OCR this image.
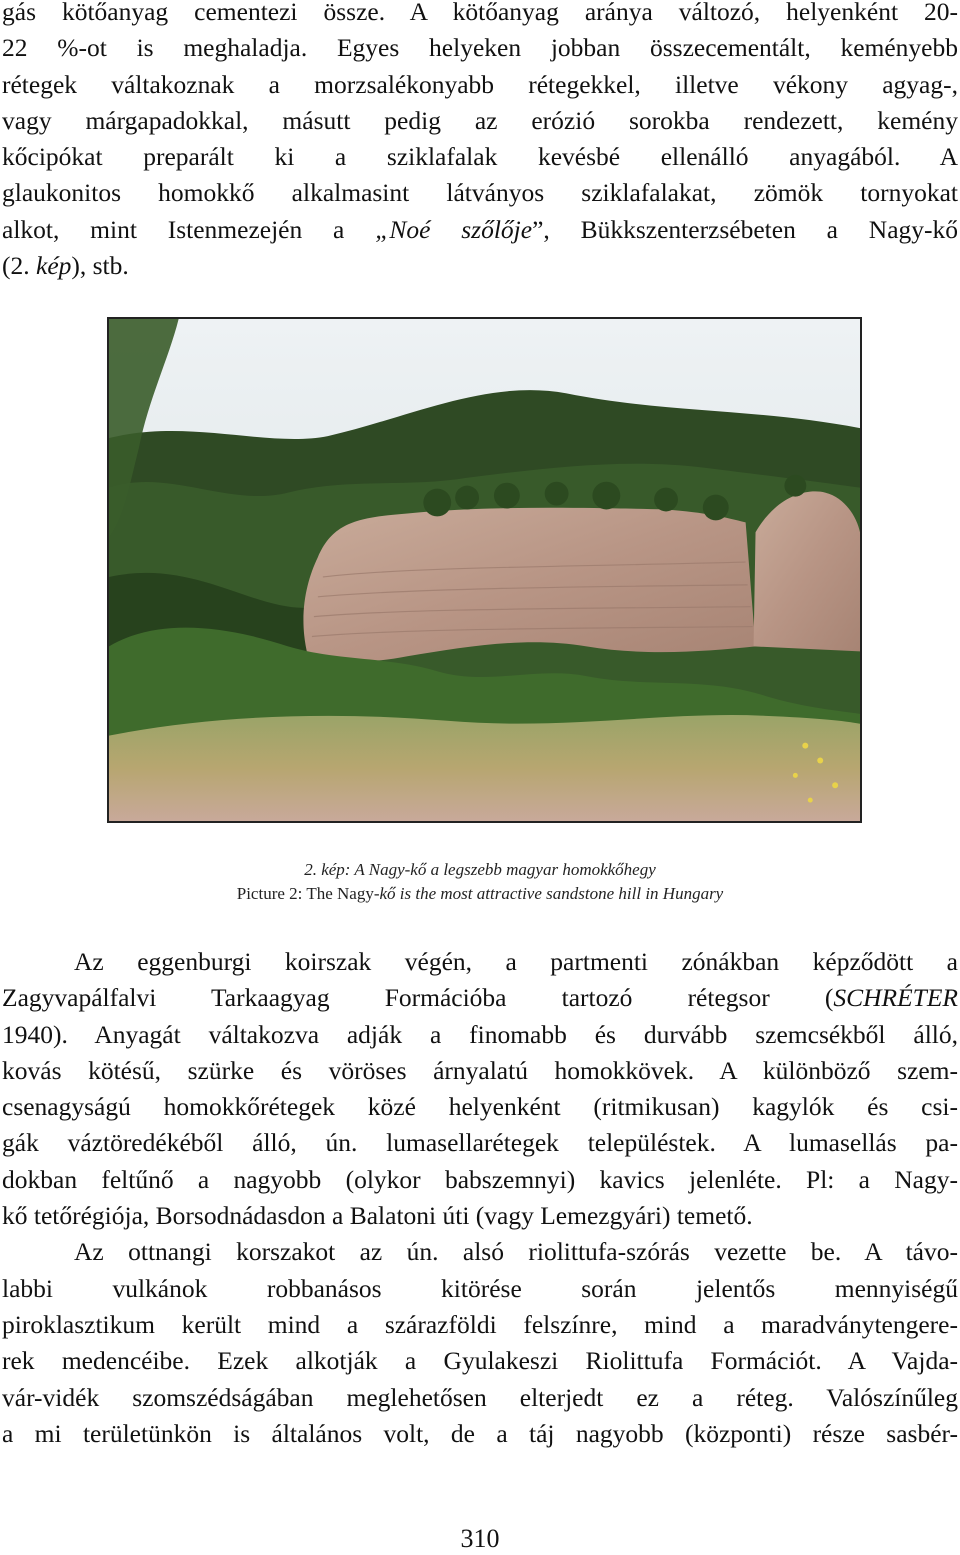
gás kötőanyag cementezi össze. A kötőanyag aránya változó, helyenként 20-
22 %-ot is meghaladja. Egyes helyeken jobban összecementált, keményebb
rétegek váltakoznak a morzsalékonyabb rétegekkel, illetve vékony agyag-,
vagy márgapadokkal, másutt pedig az erózió sorokba rendezett, kemény
kőcipókat preparált ki a sziklafalak kevésbé ellenálló anyagából. A
glaukonitos homokkő alkalmasint látványos sziklafalakat, zömök tornyokat
alkot, mint Istenmezején a „Noé szőlője”, Bükkszenterzsébeten a Nagy-kő
(2. kép), stb.
2. kép: A Nagy-kő a legszebb magyar homokkőhegy
Picture 2: The Nagy-kő is the most attractive sandstone hill in Hungary
Az eggenburgi koirszak végén, a partmenti zónákban képződött a
Zagyvapálfalvi Tarkaagyag Formációba tartozó rétegsor (SCHRÉTER
1940). Anyagát váltakozva adják a finomabb és durvább szemcsékből álló,
kovás kötésű, szürke és vöröses árnyalatú homokkövek. A különböző szem-
csenagyságú homokkőrétegek közé helyenként (ritmikusan) kagylók és csi-
gák váztöredékéből álló, ún. lumasellarétegek településtek. A lumasellás pa-
dokban feltűnő a nagyobb (olykor babszemnyi) kavics jelenléte. Pl: a Nagy-
kő tetőrégiója, Borsodnádasdon a Balatoni úti (vagy Lemezgyári) temető.
Az ottnangi korszakot az ún. alsó riolittufa-szórás vezette be. A távo-
labbi vulkánok robbanásos kitörése során jelentős mennyiségű
piroklasztikum került mind a szárazföldi felszínre, mind a maradványtengere-
rek medencéibe. Ezek alkotják a Gyulakeszi Riolittufa Formációt. A Vajda-
vár-vidék szomszédságában meglehetősen elterjedt ez a réteg. Valószínűleg
a mi területünkön is általános volt, de a táj nagyobb (központi) része sasbér-
310
